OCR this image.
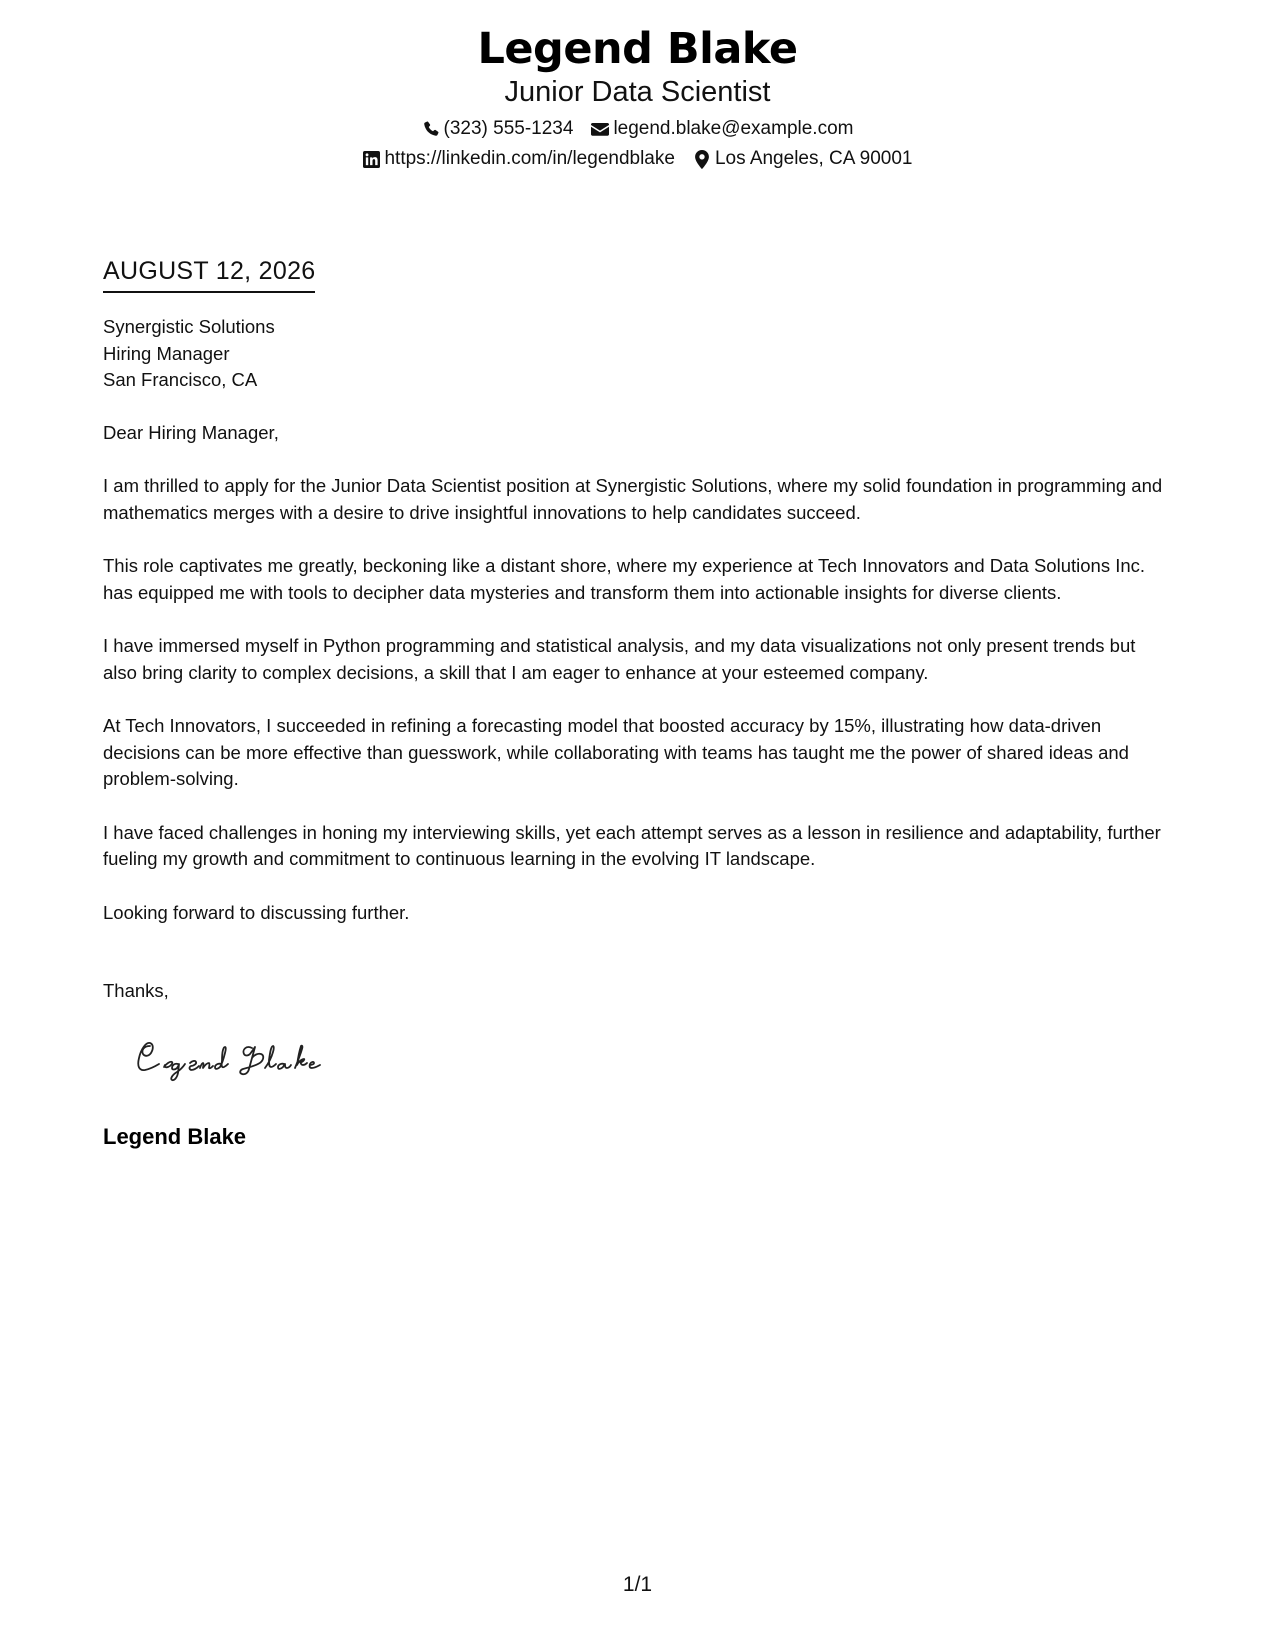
Legend Blake
Junior Data Scientist
(323) 555-1234 legend.blake@example.com
https://linkedin.com/in/legendblake Los Angeles, CA 90001
AUGUST 12, 2026
Synergistic Solutions
Hiring Manager
San Francisco, CA

Dear Hiring Manager,

I am thrilled to apply for the Junior Data Scientist position at Synergistic Solutions, where my solid foundation in programming and mathematics merges with a desire to drive insightful innovations to help candidates succeed.

This role captivates me greatly, beckoning like a distant shore, where my experience at Tech Innovators and Data Solutions Inc. has equipped me with tools to decipher data mysteries and transform them into actionable insights for diverse clients.

I have immersed myself in Python programming and statistical analysis, and my data visualizations not only present trends but also bring clarity to complex decisions, a skill that I am eager to enhance at your esteemed company.

At Tech Innovators, I succeeded in refining a forecasting model that boosted accuracy by 15%, illustrating how data-driven decisions can be more effective than guesswork, while collaborating with teams has taught me the power of shared ideas and problem-solving.

I have faced challenges in honing my interviewing skills, yet each attempt serves as a lesson in resilience and adaptability, further fueling my growth and commitment to continuous learning in the evolving IT landscape.

Looking forward to discussing further.

Thanks,
Legend Blake
1/1
